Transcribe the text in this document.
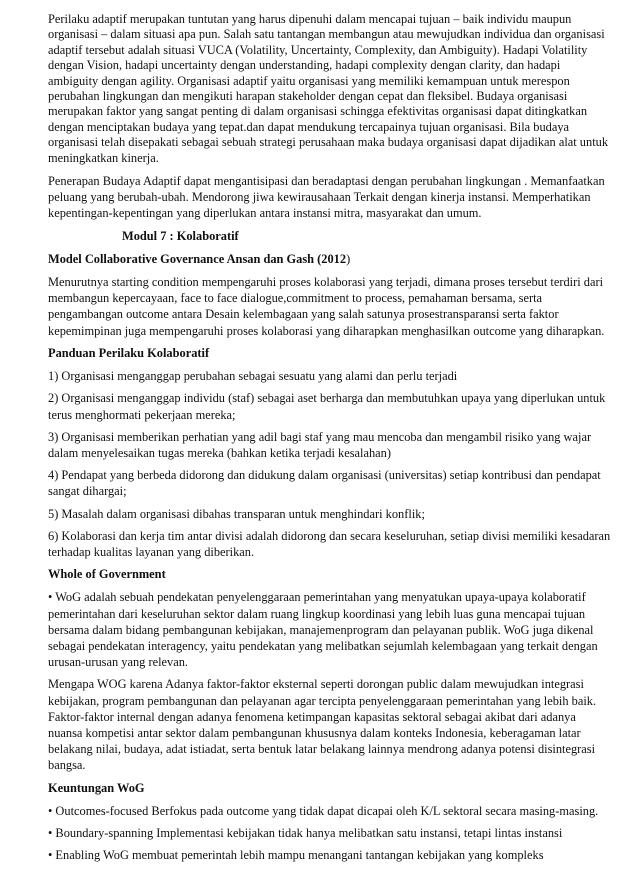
Perilaku adaptif merupakan tuntutan yang harus dipenuhi dalam mencapai tujuan – baik individu maupun organisasi – dalam situasi apa pun. Salah satu tantangan membangun atau mewujudkan individua dan organisasi adaptif tersebut adalah situasi VUCA (Volatility, Uncertainty, Complexity, dan Ambiguity). Hadapi Volatility dengan Vision, hadapi uncertainty dengan understanding, hadapi complexity dengan clarity, dan hadapi ambiguity dengan agility. Organisasi adaptif yaitu organisasi yang memiliki kemampuan untuk merespon perubahan lingkungan dan mengikuti harapan stakeholder dengan cepat dan fleksibel. Budaya organisasi merupakan faktor yang sangat penting di dalam organisasi schingga efektivitas organisasi dapat ditingkatkan dengan menciptakan budaya yang tepat.dan dapat mendukung tercapainya tujuan organisasi. Bila budaya organisasi telah disepakati sebagai sebuah strategi perusahaan maka budaya organisasi dapat dijadikan alat untuk meningkatkan kinerja.

Penerapan Budaya Adaptif dapat mengantisipasi dan beradaptasi dengan perubahan lingkungan . Memanfaatkan peluang yang berubah-ubah. Mendorong jiwa kewirausahaan Terkait dengan kinerja instansi. Memperhatikan kepentingan-kepentingan yang diperlukan antara instansi mitra, masyarakat dan umum.

Modul 7 : Kolaboratif

Model Collaborative Governance Ansan dan Gash (2012)

Menurutnya starting condition mempengaruhi proses kolaborasi yang terjadi, dimana proses tersebut terdiri dari membangun kepercayaan, face to face dialogue,commitment to process, pemahaman bersama, serta pengambangan outcome antara Desain kelembagaan yang salah satunya prosestransparansi serta faktor kepemimpinan juga mempengaruhi proses kolaborasi yang diharapkan menghasilkan outcome yang diharapkan.

Panduan Perilaku Kolaboratif

1) Organisasi menganggap perubahan sebagai sesuatu yang alami dan perlu terjadi

2) Organisasi menganggap individu (staf) sebagai aset berharga dan membutuhkan upaya yang diperlukan untuk terus menghormati pekerjaan mereka;

3) Organisasi memberikan perhatian yang adil bagi staf yang mau mencoba dan mengambil risiko yang wajar dalam menyelesaikan tugas mereka (bahkan ketika terjadi kesalahan)

4) Pendapat yang berbeda didorong dan didukung dalam organisasi (universitas) setiap kontribusi dan pendapat sangat dihargai;

5) Masalah dalam organisasi dibahas transparan untuk menghindari konflik;

6) Kolaborasi dan kerja tim antar divisi adalah didorong dan secara keseluruhan, setiap divisi memiliki kesadaran terhadap kualitas layanan yang diberikan.

Whole of Government

• WoG adalah sebuah pendekatan penyelenggaraan pemerintahan yang menyatukan upaya-upaya kolaboratif pemerintahan dari keseluruhan sektor dalam ruang lingkup koordinasi yang lebih luas guna mencapai tujuan bersama dalam bidang pembangunan kebijakan, manajemenprogram dan pelayanan publik. WoG juga dikenal sebagai pendekatan interagency, yaitu pendekatan yang melibatkan sejumlah kelembagaan yang terkait dengan urusan-urusan yang relevan.

Mengapa WOG karena Adanya faktor-faktor eksternal seperti dorongan public dalam mewujudkan integrasi kebijakan, program pembangunan dan pelayanan agar tercipta penyelenggaraan pemerintahan yang lebih baik. Faktor-faktor internal dengan adanya fenomena ketimpangan kapasitas sektoral sebagai akibat dari adanya nuansa kompetisi antar sektor dalam pembangunan khususnya dalam konteks Indonesia, keberagaman latar belakang nilai, budaya, adat istiadat, serta bentuk latar belakang lainnya mendrong adanya potensi disintegrasi bangsa.

Keuntungan WoG

• Outcomes-focused Berfokus pada outcome yang tidak dapat dicapai oleh K/L sektoral secara masing-masing.

• Boundary-spanning Implementasi kebijakan tidak hanya melibatkan satu instansi, tetapi lintas instansi

• Enabling WoG membuat pemerintah lebih mampu menangani tantangan kebijakan yang kompleks
